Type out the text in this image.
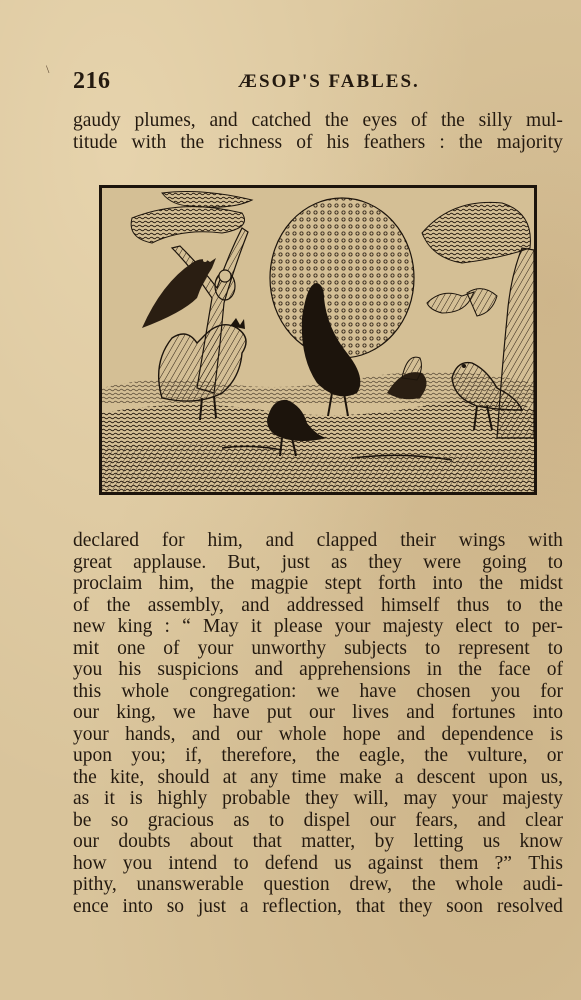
\ 216	ÆSOP'S FABLES.
gaudy plumes, and catched the eyes of the silly mul-
titude with the richness of his feathers : the majority
declared for him, and clapped their wings with
great applause. But, just as they were going to
proclaim him, the magpie stept forth into the midst
of the assembly, and addressed himself thus to the
new king : “ May it please your majesty elect to per-
mit one of your unworthy subjects to represent to
you his suspicions and apprehensions in the face of
this whole congregation: we have chosen you for
our king, we have put our lives and fortunes into
your hands, and our whole hope and dependence is
upon you; if, therefore, the eagle, the vulture, or
the kite, should at any time make a descent upon us,
as it is highly probable they will, may your majesty
be so gracious as to dispel our fears, and clear
our doubts about that matter, by letting us know
how you intend to defend us against them ?” This
pithy, unanswerable question drew, the whole audi-
ence into so just a reflection, that they soon resolved
